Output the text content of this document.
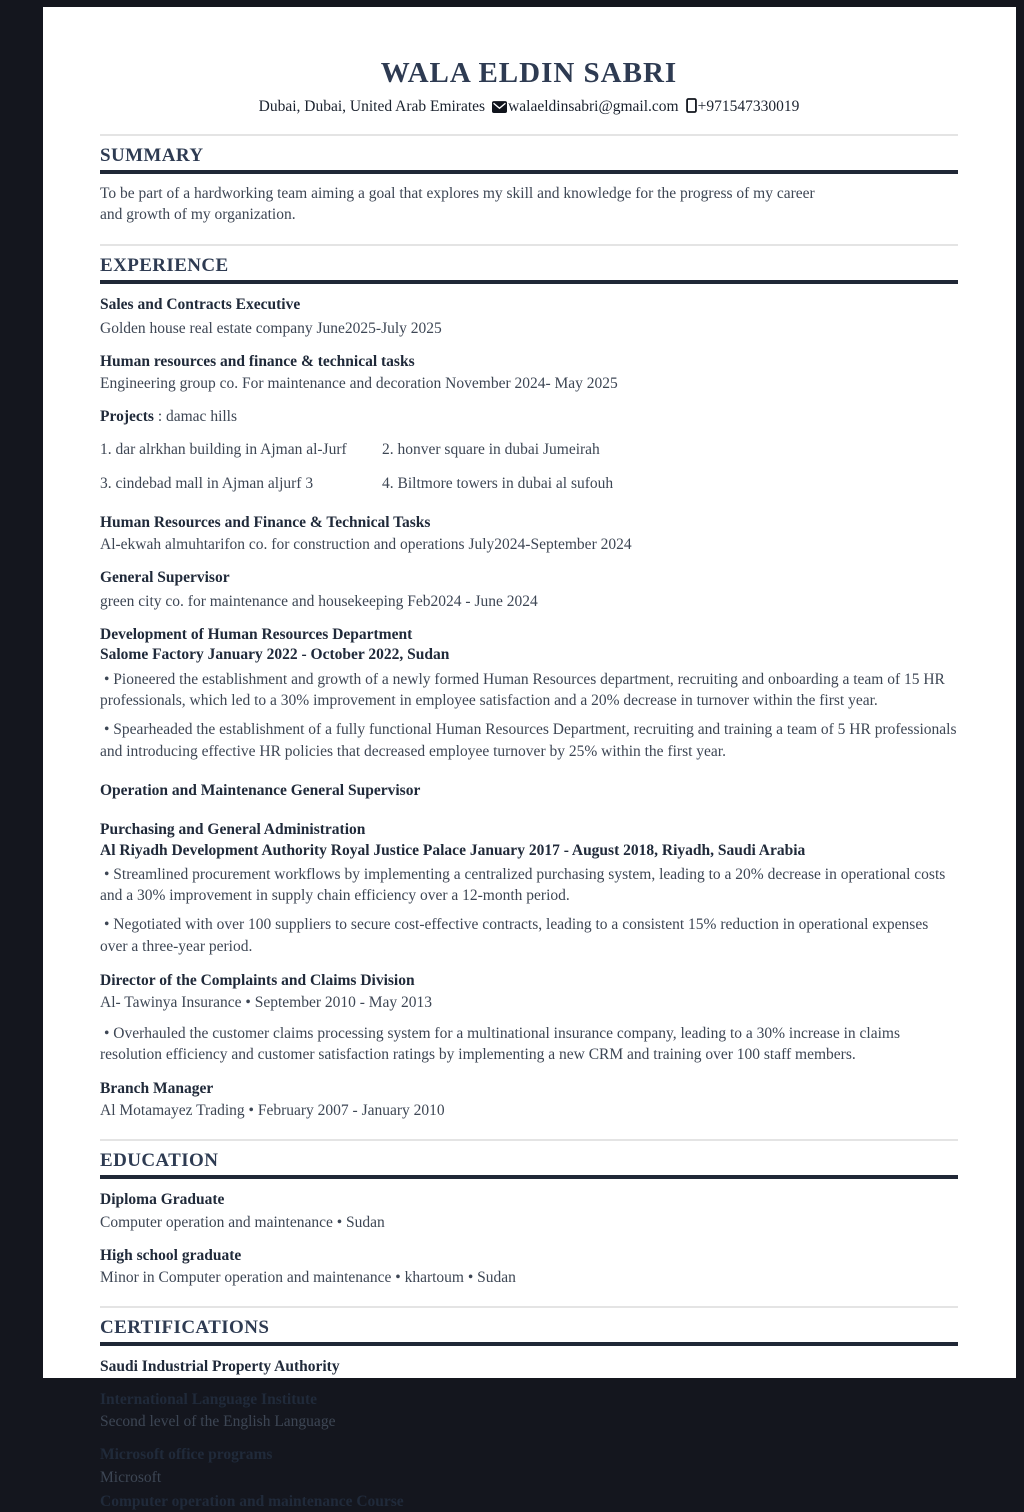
WALA ELDIN SABRI
Dubai, Dubai, United Arab Emirates walaeldinsabri@gmail.com +971547330019
SUMMARY
To be part of a hardworking team aiming a goal that explores my skill and knowledge for the progress of my career and growth of my organization.
EXPERIENCE
Sales and Contracts Executive
Golden house real estate company June2025-July 2025
Human resources and finance & technical tasks
Engineering group co. For maintenance and decoration November 2024- May 2025
Projects : damac hills
1. dar alrkhan building in Ajman al-Jurf	2. honver square in dubai Jumeirah
3. cindebad mall in Ajman aljurf 3	4. Biltmore towers in dubai al sufouh
Human Resources and Finance & Technical Tasks
Al-ekwah almuhtarifon co. for construction and operations July2024-September 2024
General Supervisor
green city co. for maintenance and housekeeping Feb2024 - June 2024
Development of Human Resources Department
Salome Factory January 2022 - October 2022, Sudan

• Pioneered the establishment and growth of a newly formed Human Resources department, recruiting and onboarding a team of 15 HR professionals, which led to a 30% improvement in employee satisfaction and a 20% decrease in turnover within the first year.

• Spearheaded the establishment of a fully functional Human Resources Department, recruiting and training a team of 5 HR professionals and introducing effective HR policies that decreased employee turnover by 25% within the first year.

Operation and Maintenance General Supervisor
Purchasing and General Administration
Al Riyadh Development Authority Royal Justice Palace January 2017 - August 2018, Riyadh, Saudi Arabia

• Streamlined procurement workflows by implementing a centralized purchasing system, leading to a 20% decrease in operational costs and a 30% improvement in supply chain efficiency over a 12-month period.

• Negotiated with over 100 suppliers to secure cost-effective contracts, leading to a consistent 15% reduction in operational expenses over a three-year period.

Director of the Complaints and Claims Division
Al- Tawinya Insurance • September 2010 - May 2013

• Overhauled the customer claims processing system for a multinational insurance company, leading to a 30% increase in claims resolution efficiency and customer satisfaction ratings by implementing a new CRM and training over 100 staff members.

Branch Manager
Al Motamayez Trading • February 2007 - January 2010
EDUCATION
Diploma Graduate
Computer operation and maintenance • Sudan
High school graduate
Minor in Computer operation and maintenance • khartoum • Sudan
CERTIFICATIONS
Saudi Industrial Property Authority
International Language Institute
Second level of the English Language
Microsoft office programs
Microsoft
Computer operation and maintenance Course
